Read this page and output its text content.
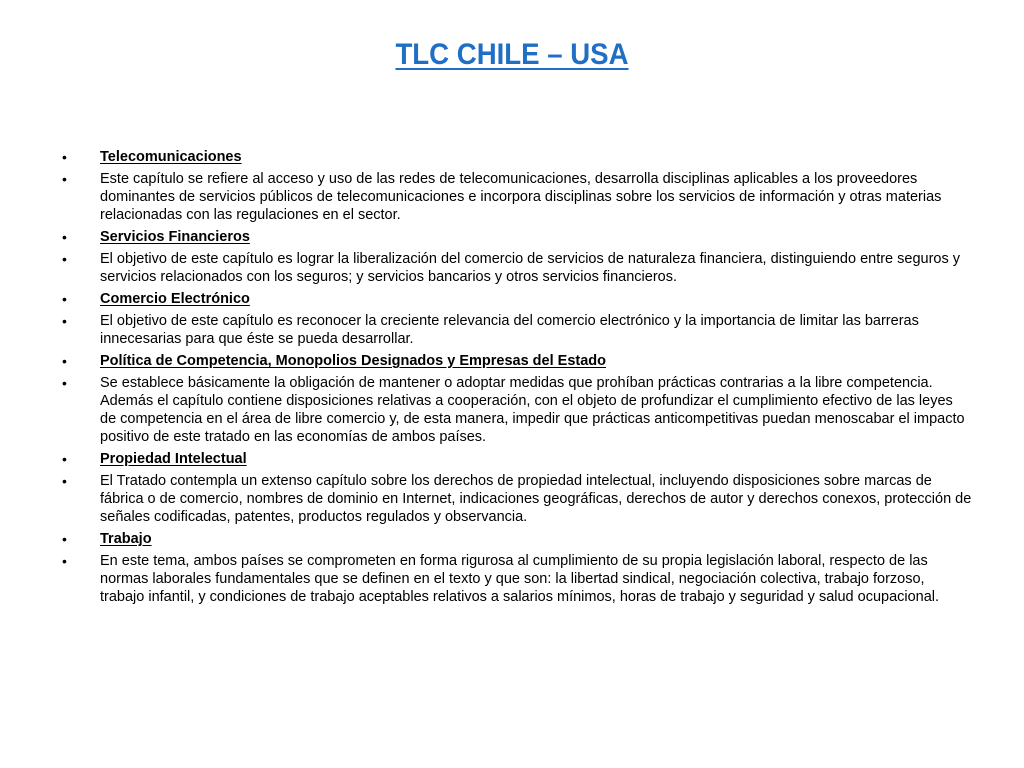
TLC CHILE – USA
• Telecomunicaciones
• Este capítulo se refiere al acceso y uso de las redes de telecomunicaciones, desarrolla disciplinas aplicables a los proveedores dominantes de servicios públicos de telecomunicaciones e incorpora disciplinas sobre los servicios de información y otras materias relacionadas con las regulaciones en el sector.
• Servicios Financieros
• El objetivo de este capítulo es lograr la liberalización del comercio de servicios de naturaleza financiera, distinguiendo entre seguros y servicios relacionados con los seguros; y servicios bancarios y otros servicios financieros.
• Comercio Electrónico
• El objetivo de este capítulo es reconocer la creciente relevancia del comercio electrónico y la importancia de limitar las barreras innecesarias para que éste se pueda desarrollar.
• Política de Competencia, Monopolios Designados y Empresas del Estado
• Se establece básicamente la obligación de mantener o adoptar medidas que prohíban prácticas contrarias a la libre competencia. Además el capítulo contiene disposiciones relativas a cooperación, con el objeto de profundizar el cumplimiento efectivo de las leyes de competencia en el área de libre comercio y, de esta manera, impedir que prácticas anticompetitivas puedan menoscabar el impacto positivo de este tratado en las economías de ambos países.
• Propiedad Intelectual
• El Tratado contempla un extenso capítulo sobre los derechos de propiedad intelectual, incluyendo disposiciones sobre marcas de fábrica o de comercio, nombres de dominio en Internet, indicaciones geográficas, derechos de autor y derechos conexos, protección de señales codificadas, patentes, productos regulados y observancia.
• Trabajo
• En este tema, ambos países se comprometen en forma rigurosa al cumplimiento de su propia legislación laboral, respecto de las normas laborales fundamentales que se definen en el texto y que son: la libertad sindical, negociación colectiva, trabajo forzoso, trabajo infantil, y condiciones de trabajo aceptables relativos a salarios mínimos, horas de trabajo y seguridad y salud ocupacional.
